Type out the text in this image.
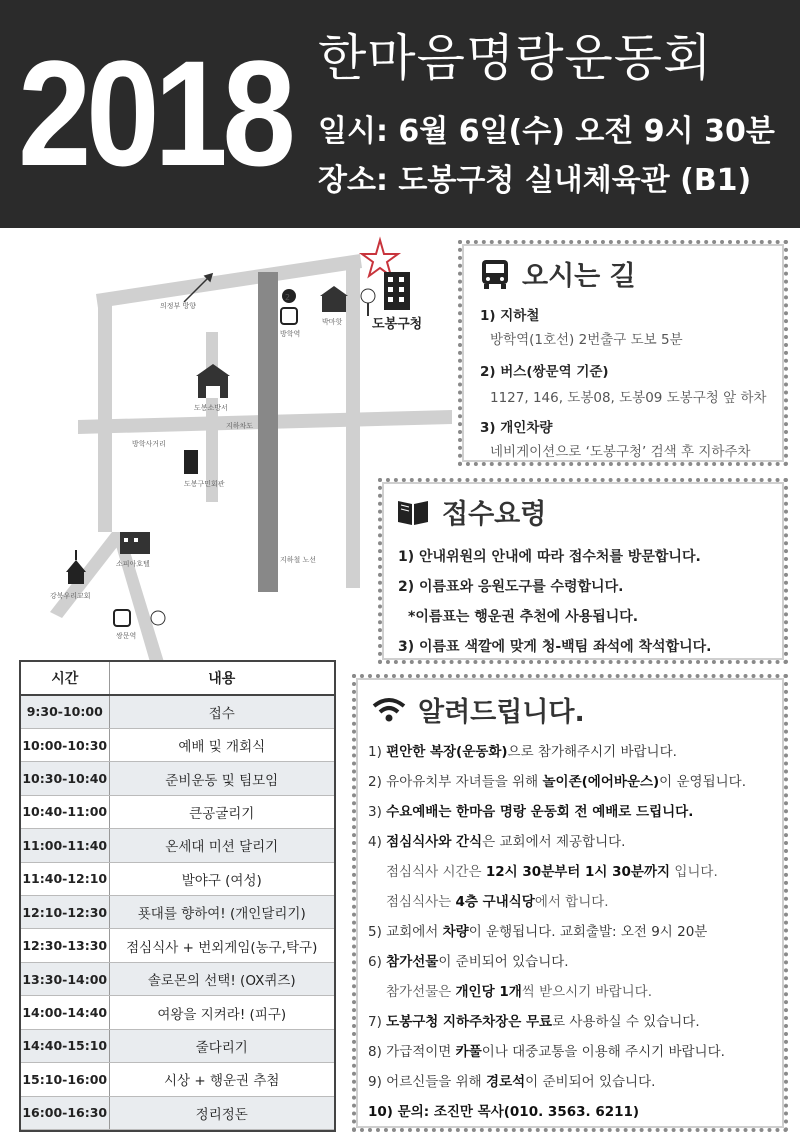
2018 한마음명랑운동회
일시: 6월 6일(수) 오전 9시 30분
장소: 도봉구청 실내체육관 (B1)
의정부 방향
2
방학역
박마핫 도봉구청
도봉소방서
지하차도
방학사거리
도봉구민회관
지하철 노선
소피아호텔
강북우리교회
쌍문역
오시는 길
1) 지하철
방학역(1호선) 2번출구 도보 5분
2) 버스(쌍문역 기준)
1127, 146, 도봉08, 도봉09 도봉구청 앞 하차
3) 개인차량
네비게이션으로 ‘도봉구청’ 검색 후 지하주차
접수요령
1) 안내위원의 안내에 따라 접수처를 방문합니다.
2) 이름표와 응원도구를 수령합니다.
*이름표는 행운권 추천에 사용됩니다.
3) 이름표 색깔에 맞게 청-백팀 좌석에 착석합니다.
알려드립니다.
1) 편안한 복장(운동화)으로 참가해주시기 바랍니다.
2) 유아유치부 자녀들을 위해 놀이존(에어바운스)이 운영됩니다.
3) 수요예배는 한마음 명랑 운동회 전 예배로 드립니다.
4) 점심식사와 간식은 교회에서 제공합니다.
점심식사 시간은 12시 30분부터 1시 30분까지 입니다.
점심식사는 4층 구내식당에서 합니다.
5) 교회에서 차량이 운행됩니다. 교회출발: 오전 9시 20분
6) 참가선물이 준비되어 있습니다.
참가선물은 개인당 1개씩 받으시기 바랍니다.
7) 도봉구청 지하주차장은 무료로 사용하실 수 있습니다.
8) 가급적이면 카풀이나 대중교통을 이용해 주시기 바랍니다.
9) 어르신들을 위해 경로석이 준비되어 있습니다.
10) 문의: 조진만 목사(010. 3563. 6211)
시간	내용
9:30-10:00	접수
10:00-10:30	예배 및 개회식
10:30-10:40	준비운동 및 팀모임
10:40-11:00	큰공굴리기
11:00-11:40	온세대 미션 달리기
11:40-12:10	발야구 (여성)
12:10-12:30	푯대를 향하여! (개인달리기)
12:30-13:30	점심식사 + 번외게임(농구,탁구)
13:30-14:00	솔로몬의 선택! (OX퀴즈)
14:00-14:40	여왕을 지켜라! (피구)
14:40-15:10	줄다리기
15:10-16:00	시상 + 행운권 추첨
16:00-16:30	정리정돈
